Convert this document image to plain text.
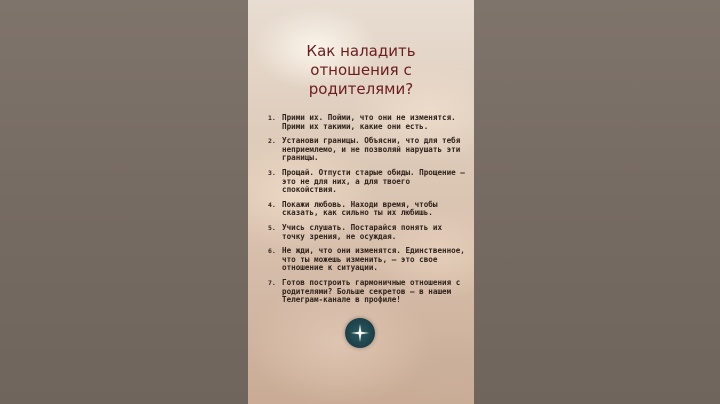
Как наладить
отношения с
родителями?
1. Прими их. Пойми, что они не изменятся. Прими их такими, какие они есть.
2. Установи границы. Объясни, что для тебя неприемлемо, и не позволяй нарушать эти границы.
3. Прощай. Отпусти старые обиды. Прощение — это не для них, а для твоего спокойствия.
4. Покажи любовь. Находи время, чтобы сказать, как сильно ты их любишь.
5. Учись слушать. Постарайся понять их точку зрения, не осуждая.
6. Не жди, что они изменятся. Единственное, что ты можешь изменить, — это свое отношение к ситуации.
7. Готов построить гармоничные отношения с родителями? Больше секретов — в нашем Телеграм-канале в профиле!
